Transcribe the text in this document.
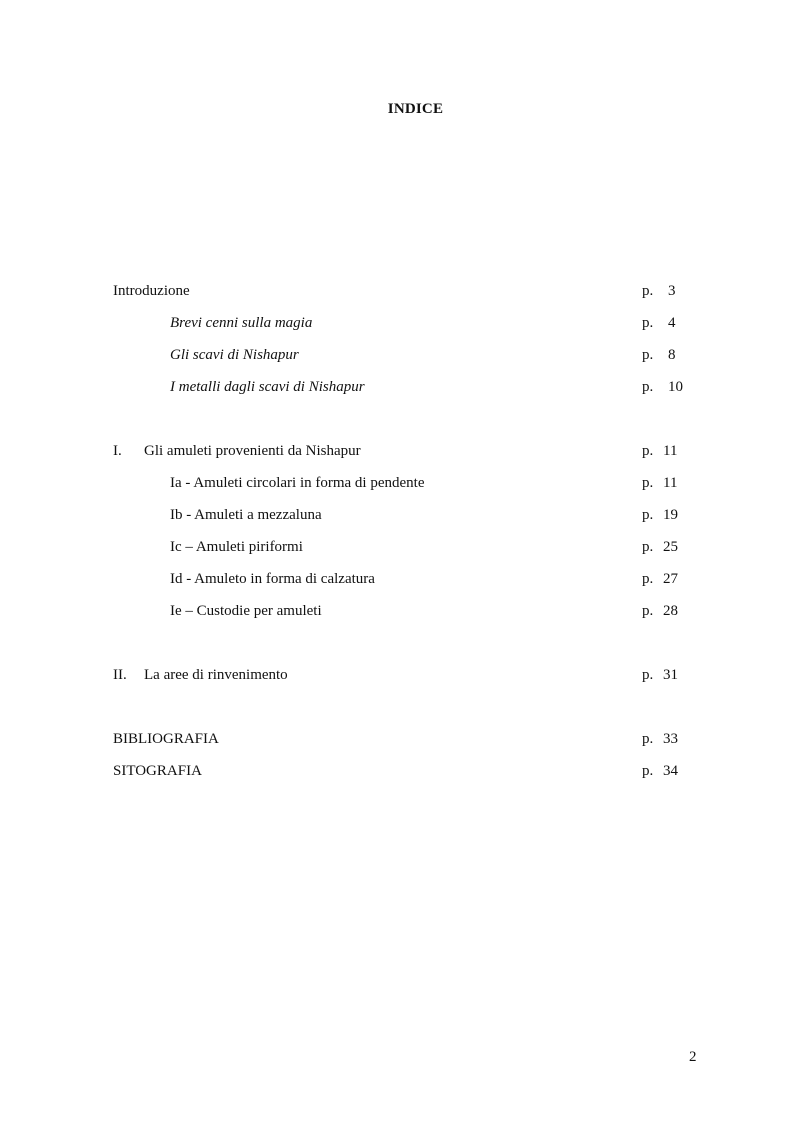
INDICE
Introduzione	p. 3
Brevi cenni sulla magia	p. 4
Gli scavi di Nishapur	p. 8
I metalli dagli scavi di Nishapur	p. 10
I. Gli amuleti provenienti da Nishapur	p. 11
Ia - Amuleti circolari in forma di pendente	p. 11
Ib - Amuleti a mezzaluna	p. 19
Ic – Amuleti piriformi	p. 25
Id - Amuleto in forma di calzatura	p. 27
Ie – Custodie per amuleti	p. 28
II. La aree di rinvenimento	p. 31
BIBLIOGRAFIA	p. 33
SITOGRAFIA	p. 34
2
